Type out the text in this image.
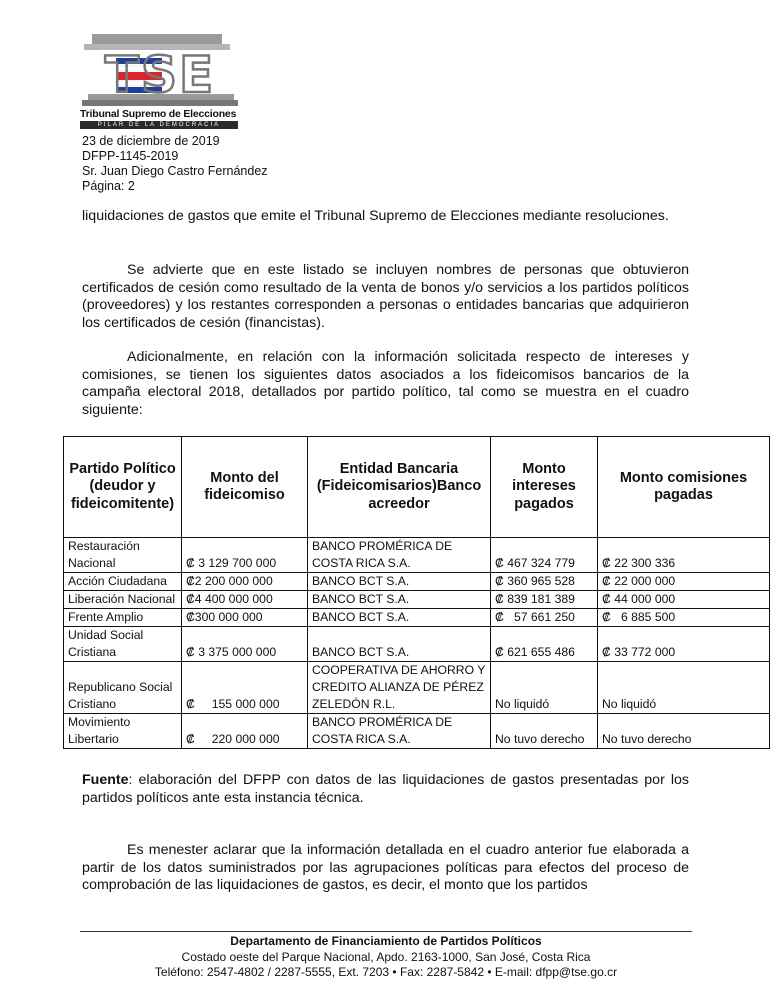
TSE
Tribunal Supremo de Elecciones
PILAR DE LA DEMOCRACIA
23 de diciembre de 2019
DFPP-1145-2019
Sr. Juan Diego Castro Fernández
Página: 2
liquidaciones de gastos que emite el Tribunal Supremo de Elecciones mediante resoluciones.
Se advierte que en este listado se incluyen nombres de personas que obtuvieron certificados de cesión como resultado de la venta de bonos y/o servicios a los partidos políticos (proveedores) y los restantes corresponden a personas o entidades bancarias que adquirieron los certificados de cesión (financistas).
Adicionalmente, en relación con la información solicitada respecto de intereses y comisiones, se tienen los siguientes datos asociados a los fideicomisos bancarios de la campaña electoral 2018, detallados por partido político, tal como se muestra en el cuadro siguiente:
Partido Político (deudor y fideicomitente)	Monto del fideicomiso	Entidad Bancaria (Fideicomisarios)Banco acreedor	Monto intereses pagados	Monto comisiones pagadas
Restauración Nacional	₡ 3 129 700 000	BANCO PROMÉRICA DE COSTA RICA S.A.	₡ 467 324 779	₡ 22 300 336
Acción Ciudadana	₡2 200 000 000	BANCO BCT S.A.	₡ 360 965 528	₡ 22 000 000
Liberación Nacional	₡4 400 000 000	BANCO BCT S.A.	₡ 839 181 389	₡ 44 000 000
Frente Amplio	₡300 000 000	BANCO BCT S.A.	₡   57 661 250	₡   6 885 500
Unidad Social Cristiana	₡ 3 375 000 000	BANCO BCT S.A.	₡ 621 655 486	₡ 33 772 000
Republicano Social Cristiano	₡     155 000 000	COOPERATIVA DE AHORRO Y CREDITO ALIANZA DE PÉREZ ZELEDÓN R.L.	No liquidó	No liquidó
Movimiento Libertario	₡     220 000 000	BANCO PROMÉRICA DE COSTA RICA S.A.	No tuvo derecho	No tuvo derecho
Fuente: elaboración del DFPP con datos de las liquidaciones de gastos presentadas por los partidos políticos ante esta instancia técnica.
Es menester aclarar que la información detallada en el cuadro anterior fue elaborada a partir de los datos suministrados por las agrupaciones políticas para efectos del proceso de comprobación de las liquidaciones de gastos, es decir, el monto que los partidos
Departamento de Financiamiento de Partidos Políticos
Costado oeste del Parque Nacional, Apdo. 2163-1000, San José, Costa Rica
Teléfono: 2547-4802 / 2287-5555, Ext. 7203 • Fax: 2287-5842 • E-mail: dfpp@tse.go.cr
